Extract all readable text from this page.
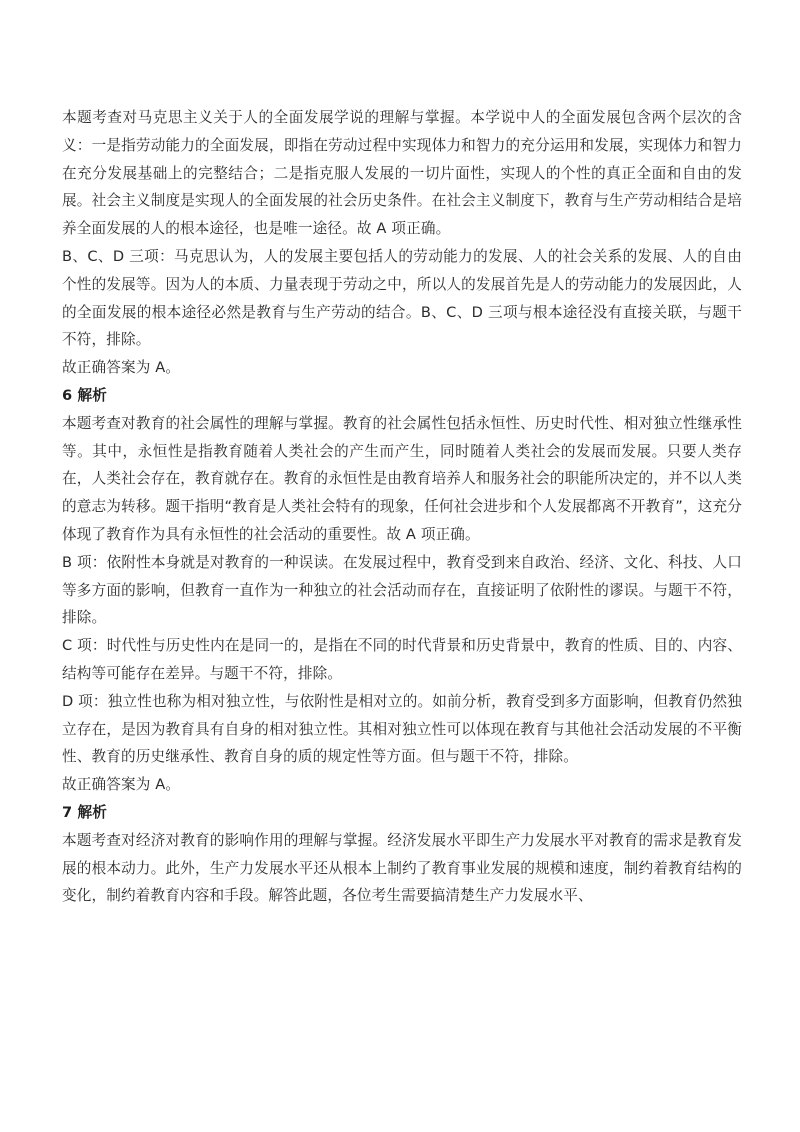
本题考查对马克思主义关于人的全面发展学说的理解与掌握。本学说中人的全面发展包含两个层次的含义：一是指劳动能力的全面发展，即指在劳动过程中实现体力和智力的充分运用和发展，实现体力和智力在充分发展基础上的完整结合；二是指克服人发展的一切片面性，实现人的个性的真正全面和自由的发展。社会主义制度是实现人的全面发展的社会历史条件。在社会主义制度下，教育与生产劳动相结合是培养全面发展的人的根本途径，也是唯一途径。故 A 项正确。

B、C、D 三项：马克思认为，人的发展主要包括人的劳动能力的发展、人的社会关系的发展、人的自由个性的发展等。因为人的本质、力量表现于劳动之中，所以人的发展首先是人的劳动能力的发展因此，人的全面发展的根本途径必然是教育与生产劳动的结合。B、C、D 三项与根本途径没有直接关联，与题干不符，排除。

故正确答案为 A。

6 解析

本题考查对教育的社会属性的理解与掌握。教育的社会属性包括永恒性、历史时代性、相对独立性继承性等。其中，永恒性是指教育随着人类社会的产生而产生，同时随着人类社会的发展而发展。只要人类存在，人类社会存在，教育就存在。教育的永恒性是由教育培养人和服务社会的职能所决定的，并不以人类的意志为转移。题干指明“教育是人类社会特有的现象，任何社会进步和个人发展都离不开教育”，这充分体现了教育作为具有永恒性的社会活动的重要性。故 A 项正确。

B 项：依附性本身就是对教育的一种误读。在发展过程中，教育受到来自政治、经济、文化、科技、人口等多方面的影响，但教育一直作为一种独立的社会活动而存在，直接证明了依附性的谬误。与题干不符，排除。

C 项：时代性与历史性内在是同一的，是指在不同的时代背景和历史背景中，教育的性质、目的、内容、结构等可能存在差异。与题干不符，排除。

D 项：独立性也称为相对独立性，与依附性是相对立的。如前分析，教育受到多方面影响，但教育仍然独立存在，是因为教育具有自身的相对独立性。其相对独立性可以体现在教育与其他社会活动发展的不平衡性、教育的历史继承性、教育自身的质的规定性等方面。但与题干不符，排除。

故正确答案为 A。

7 解析

本题考查对经济对教育的影响作用的理解与掌握。经济发展水平即生产力发展水平对教育的需求是教育发展的根本动力。此外，生产力发展水平还从根本上制约了教育事业发展的规模和速度，制约着教育结构的变化，制约着教育内容和手段。解答此题，各位考生需要搞清楚生产力发展水平、
